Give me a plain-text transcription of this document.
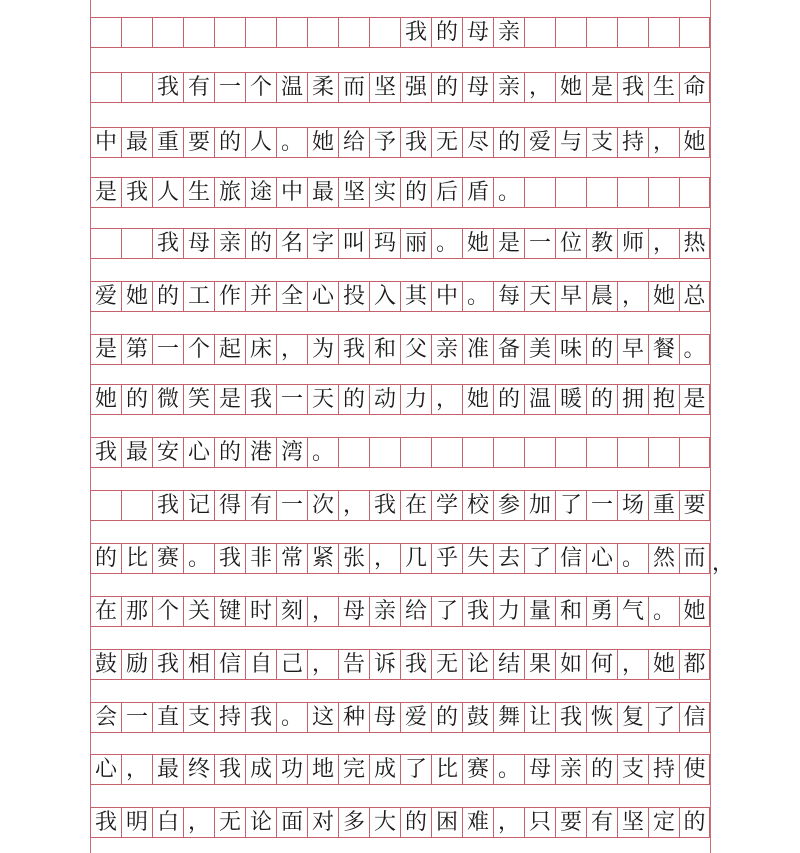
我 的 母 亲
我 有 一 个 温 柔 而 坚 强 的 母 亲 ， 她 是 我 生 命
中 最 重 要 的 人 。 她 给 予 我 无 尽 的 爱 与 支 持 ， 她
是 我 人 生 旅 途 中 最 坚 实 的 后 盾 。
我 母 亲 的 名 字 叫 玛 丽 。 她 是 一 位 教 师 ， 热
爱 她 的 工 作 并 全 心 投 入 其 中 。 每 天 早 晨 ， 她 总
是 第 一 个 起 床 ， 为 我 和 父 亲 准 备 美 味 的 早 餐 。
她 的 微 笑 是 我 一 天 的 动 力 ， 她 的 温 暖 的 拥 抱 是
我 最 安 心 的 港 湾 。
我 记 得 有 一 次 ， 我 在 学 校 参 加 了 一 场 重 要
的 比 赛 。 我 非 常 紧 张 ， 几 乎 失 去 了 信 心 。 然 而
在 那 个 关 键 时 刻 ， 母 亲 给 了 我 力 量 和 勇 气 。 她
鼓 励 我 相 信 自 己 ， 告 诉 我 无 论 结 果 如 何 ， 她 都
会 一 直 支 持 我 。 这 种 母 爱 的 鼓 舞 让 我 恢 复 了 信
心 ， 最 终 我 成 功 地 完 成 了 比 赛 。 母 亲 的 支 持 使
我 明 白 ， 无 论 面 对 多 大 的 困 难 ， 只 要 有 坚 定 的
，
